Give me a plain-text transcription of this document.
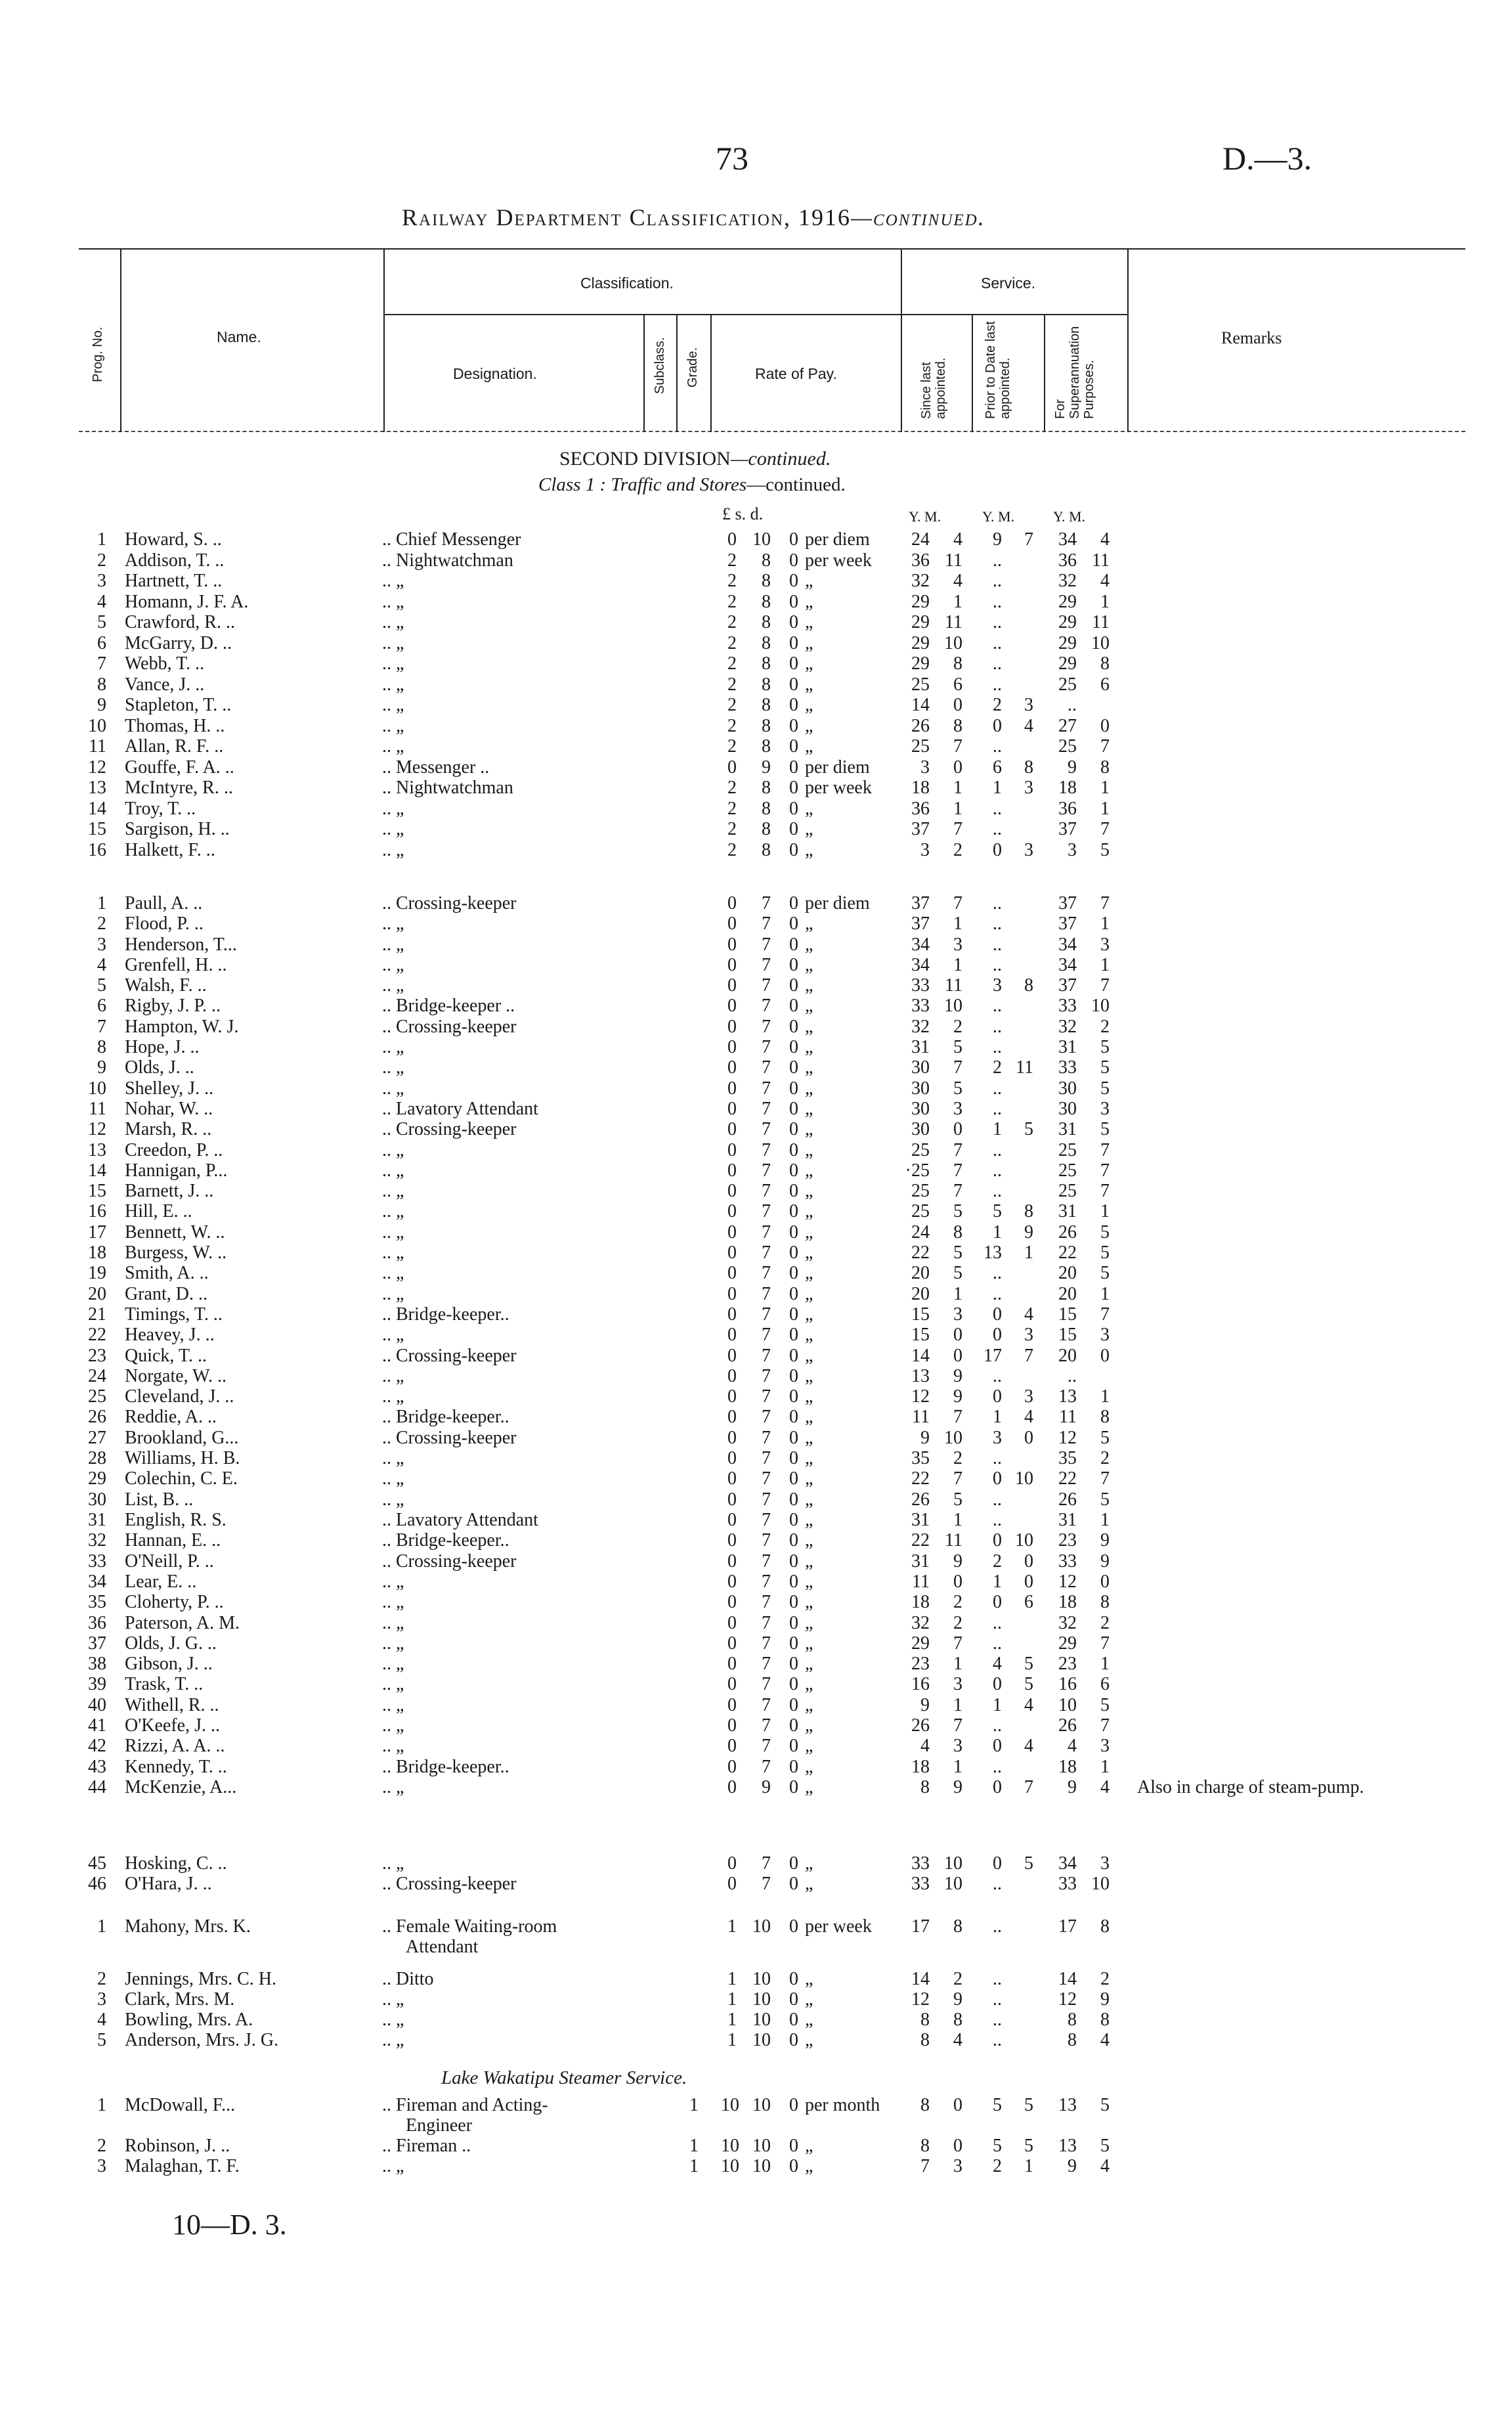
73	D.—3.
Railway Department Classification, 1916—continued.
Prog. No.	Name.
Classification.
Designation.	Subclass. Grade.	Rate of Pay.
Service.
Since last appointed.	Prior to Date last appointed.	For Superannuation Purposes.
Remarks
SECOND DIVISION—continued.
Class 1 : Traffic and Stores—continued.
£ s. d.	Y. M.	Y. M.	Y. M.
Lake Wakatipu Steamer Service.
1 Howard, S. ..	.. Chief Messenger	0 10	0 per diem	24	4	9	7	34	4
2 Addison, T. ..	.. Nightwatchman	2	8	0 per week	36 11	..	36 11
3 Hartnett, T. ..	.. „	2	8	0 „	32	4	..	32	4
4 Homann, J. F. A.	.. „	2	8	0 „	29	1	..	29	1
5 Crawford, R. ..	.. „	2	8	0 „	29 11	..	29 11
6 McGarry, D. ..	.. „	2	8	0 „	29 10	..	29 10
7 Webb, T. ..	.. „	2	8	0 „	29	8	..	29	8
8 Vance, J. ..	.. „	2	8	0 „	25	6	..	25	6
9 Stapleton, T. ..	.. „	2	8	0 „	14	0	2	3	..
10 Thomas, H. ..	.. „	2	8	0 „	26	8	0	4	27	0
11 Allan, R. F. ..	.. „	2	8	0 „	25	7	..	25	7
12 Gouffe, F. A. ..	.. Messenger ..	0	9	0 per diem	3	0	6	8	9	8
13 McIntyre, R. ..	.. Nightwatchman	2	8	0 per week	18	1	1	3	18	1
14 Troy, T. ..	.. „	2	8	0 „	36	1	..	36	1
15 Sargison, H. ..	.. „	2	8	0 „	37	7	..	37	7
16 Halkett, F. ..	.. „	2	8	0 „	3	2	0	3	3	5
1 Paull, A. ..	.. Crossing-keeper	0	7	0 per diem	37	7	..	37	7
2 Flood, P. ..	.. „	0	7	0 „	37	1	..	37	1
3 Henderson, T...	.. „	0	7	0 „	34	3	..	34	3
4 Grenfell, H. ..	.. „	0	7	0 „	34	1	..	34	1
5 Walsh, F. ..	.. „	0	7	0 „	33 11	3	8	37	7
6 Rigby, J. P. ..	.. Bridge-keeper ..	0	7	0 „	33 10	..	33 10
7 Hampton, W. J.	.. Crossing-keeper	0	7	0 „	32	2	..	32	2
8 Hope, J. ..	.. „	0	7	0 „	31	5	..	31	5
9 Olds, J. ..	.. „	0	7	0 „	30	7	2 11	33	5
10 Shelley, J. ..	.. „	0	7	0 „	30	5	..	30	5
11 Nohar, W. ..	.. Lavatory Attendant	0	7	0 „	30	3	..	30	3
12 Marsh, R. ..	.. Crossing-keeper	0	7	0 „	30	0	1	5	31	5
13 Creedon, P. ..	.. „	0	7	0 „	25	7	..	25	7
14 Hannigan, P...	.. „	0	7	0 „	·25	7	..	25	7
15 Barnett, J. ..	.. „	0	7	0 „	25	7	..	25	7
16 Hill, E. ..	.. „	0	7	0 „	25	5	5	8	31	1
17 Bennett, W. ..	.. „	0	7	0 „	24	8	1	9	26	5
18 Burgess, W. ..	.. „	0	7	0 „	22	5	13	1	22	5
19 Smith, A. ..	.. „	0	7	0 „	20	5	..	20	5
20 Grant, D. ..	.. „	0	7	0 „	20	1	..	20	1
21 Timings, T. ..	.. Bridge-keeper..	0	7	0 „	15	3	0	4	15	7
22 Heavey, J. ..	.. „	0	7	0 „	15	0	0	3	15	3
23 Quick, T. ..	.. Crossing-keeper	0	7	0 „	14	0	17	7	20	0
24 Norgate, W. ..	.. „	0	7	0 „	13	9	..	..
25 Cleveland, J. ..	.. „	0	7	0 „	12	9	0	3	13	1
26 Reddie, A. ..	.. Bridge-keeper..	0	7	0 „	11	7	1	4	11	8
27 Brookland, G...	.. Crossing-keeper	0	7	0 „	9 10	3	0	12	5
28 Williams, H. B.	.. „	0	7	0 „	35	2	..	35	2
29 Colechin, C. E.	.. „	0	7	0 „	22	7	0 10	22	7
30 List, B. ..	.. „	0	7	0 „	26	5	..	26	5
31 English, R. S.	.. Lavatory Attendant	0	7	0 „	31	1	..	31	1
32 Hannan, E. ..	.. Bridge-keeper..	0	7	0 „	22 11	0 10	23	9
33 O'Neill, P. ..	.. Crossing-keeper	0	7	0 „	31	9	2	0	33	9
34 Lear, E. ..	.. „	0	7	0 „	11	0	1	0	12	0
35 Cloherty, P. ..	.. „	0	7	0 „	18	2	0	6	18	8
36 Paterson, A. M.	.. „	0	7	0 „	32	2	..	32	2
37 Olds, J. G. ..	.. „	0	7	0 „	29	7	..	29	7
38 Gibson, J. ..	.. „	0	7	0 „	23	1	4	5	23	1
39 Trask, T. ..	.. „	0	7	0 „	16	3	0	5	16	6
40 Withell, R. ..	.. „	0	7	0 „	9	1	1	4	10	5
41 O'Keefe, J. ..	.. „	0	7	0 „	26	7	..	26	7
42 Rizzi, A. A. ..	.. „	0	7	0 „	4	3	0	4	4	3
43 Kennedy, T. ..	.. Bridge-keeper..	0	7	0 „	18	1	..	18	1
44 McKenzie, A...	.. „	0	9	0 „	8	9	0	7	9	4 Also in charge of steam-pump.
45 Hosking, C. ..	.. „	0	7	0 „	33 10	0	5	34	3
46 O'Hara, J. ..	.. Crossing-keeper	0	7	0 „	33 10	..	33 10
1 Mahony, Mrs. K.	.. Female Waiting-room	1 10	0 per week	17	8	..	17	8
Attendant
2 Jennings, Mrs. C. H.	.. Ditto	1 10	0 „	14	2	..	14	2
3 Clark, Mrs. M.	.. „	1 10	0 „	12	9	..	12	9
4 Bowling, Mrs. A.	.. „	1 10	0 „	8	8	..	8	8
5 Anderson, Mrs. J. G.	.. „	1 10	0 „	8	4	..	8	4
1 McDowall, F...	.. Fireman and Acting-	1 10 10	0 per month	8	0	5	5	13	5
Engineer
2 Robinson, J. ..	.. Fireman ..	1 10 10	0 „	8	0	5	5	13	5
3 Malaghan, T. F.	.. „	1 10 10	0 „	7	3	2	1	9	4
10—D. 3.
